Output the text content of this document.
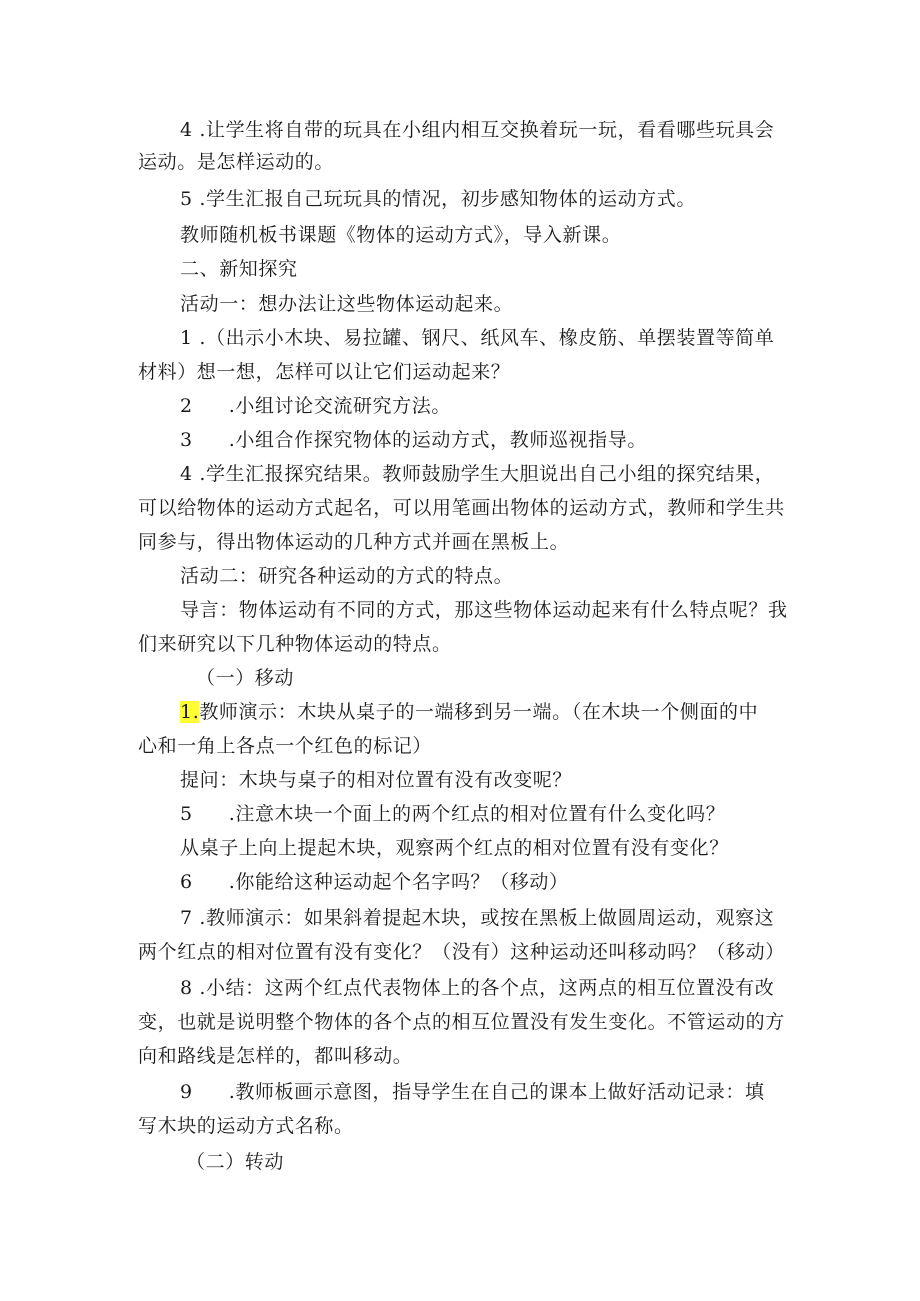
4 .让学生将自带的玩具在小组内相互交换着玩一玩，看看哪些玩具会
运动。是怎样运动的。
5 .学生汇报自己玩玩具的情况，初步感知物体的运动方式。
教师随机板书课题《物体的运动方式》，导入新课。
二、新知探究
活动一：想办法让这些物体运动起来。
1 .（出示小木块、易拉罐、钢尺、纸风车、橡皮筋、单摆装置等简单
材料）想一想，怎样可以让它们运动起来？
2 .小组讨论交流研究方法。
3 .小组合作探究物体的运动方式，教师巡视指导。
4 .学生汇报探究结果。教师鼓励学生大胆说出自己小组的探究结果，
可以给物体的运动方式起名，可以用笔画出物体的运动方式，教师和学生共
同参与，得出物体运动的几种方式并画在黑板上。
活动二：研究各种运动的方式的特点。
导言：物体运动有不同的方式，那这些物体运动起来有什么特点呢？我
们来研究以下几种物体运动的特点。
（一）移动
1.教师演示：木块从桌子的一端移到另一端。（在木块一个侧面的中
心和一角上各点一个红色的标记）
提问：木块与桌子的相对位置有没有改变呢？
5 .注意木块一个面上的两个红点的相对位置有什么变化吗？
从桌子上向上提起木块，观察两个红点的相对位置有没有变化？
6 .你能给这种运动起个名字吗？（移动）
7 .教师演示：如果斜着提起木块，或按在黑板上做圆周运动，观察这
两个红点的相对位置有没有变化？（没有）这种运动还叫移动吗？（移动）
8 .小结：这两个红点代表物体上的各个点，这两点的相互位置没有改
变，也就是说明整个物体的各个点的相互位置没有发生变化。不管运动的方
向和路线是怎样的，都叫移动。
9 .教师板画示意图，指导学生在自己的课本上做好活动记录：填
写木块的运动方式名称。
（二）转动
